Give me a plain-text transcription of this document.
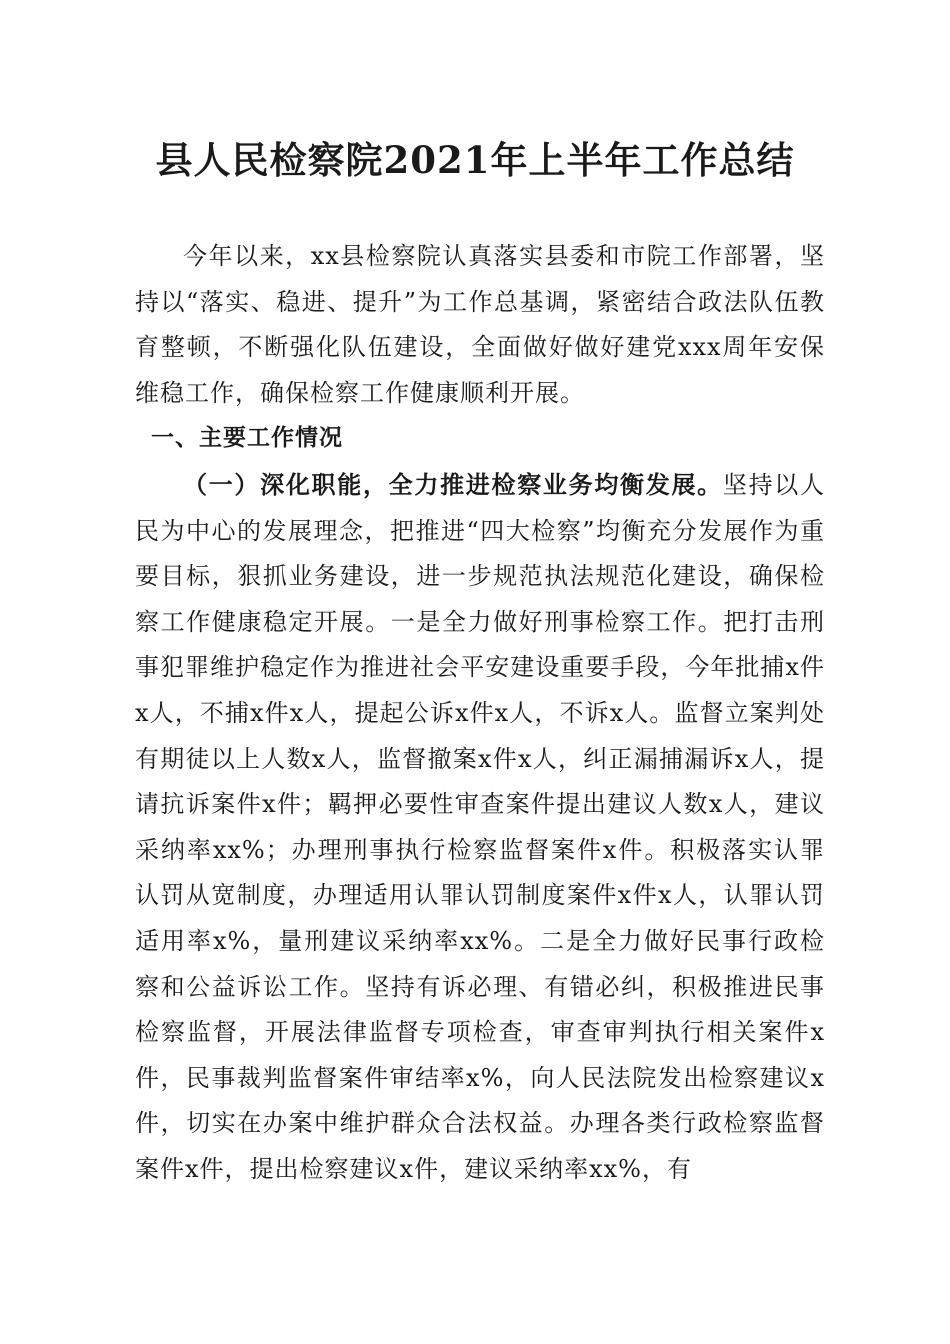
县人民检察院2021年上半年工作总结

今年以来，xx县检察院认真落实县委和市院工作部署，坚持以“落实、稳进、提升”为工作总基调，紧密结合政法队伍教育整顿，不断强化队伍建设，全面做好做好建党xxx周年安保维稳工作，确保检察工作健康顺利开展。

一、主要工作情况

（一）深化职能，全力推进检察业务均衡发展。坚持以人民为中心的发展理念，把推进“四大检察”均衡充分发展作为重要目标，狠抓业务建设，进一步规范执法规范化建设，确保检察工作健康稳定开展。一是全力做好刑事检察工作。把打击刑事犯罪维护稳定作为推进社会平安建设重要手段，今年批捕x件x人，不捕x件x人，提起公诉x件x人，不诉x人。监督立案判处有期徒以上人数x人，监督撤案x件x人，纠正漏捕漏诉x人，提请抗诉案件x件；羁押必要性审查案件提出建议人数x人，建议采纳率xx%；办理刑事执行检察监督案件x件。积极落实认罪认罚从宽制度，办理适用认罪认罚制度案件x件x人，认罪认罚适用率x%，量刑建议采纳率xx%。二是全力做好民事行政检察和公益诉讼工作。坚持有诉必理、有错必纠，积极推进民事检察监督，开展法律监督专项检查，审查审判执行相关案件x件，民事裁判监督案件审结率x%，向人民法院发出检察建议x件，切实在办案中维护群众合法权益。办理各类行政检察监督案件x件，提出检察建议x件，建议采纳率xx%，有
